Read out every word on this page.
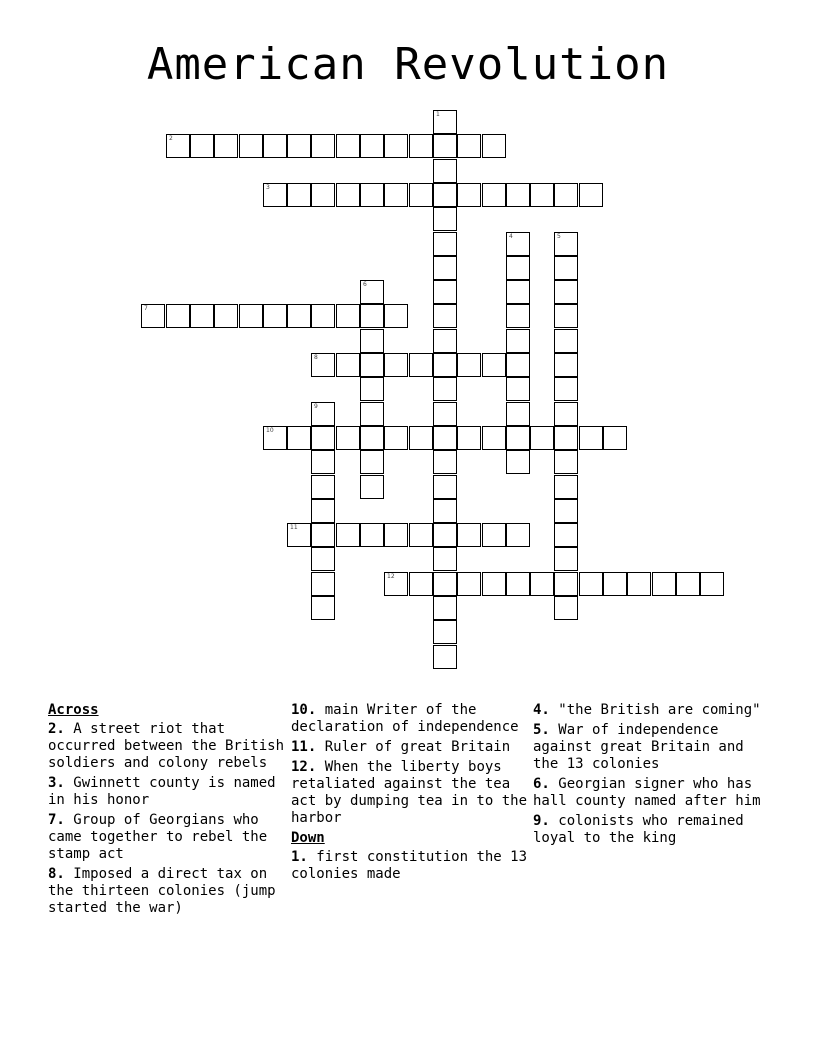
American Revolution
1
2
3
4	5
6
7
8
9
10
11
12
Across
2. A street riot that occurred between the British soldiers and colony rebels
3. Gwinnett county is named in his honor
7. Group of Georgians who came together to rebel the stamp act
8. Imposed a direct tax on the thirteen colonies (jump started the war)
10. main Writer of the declaration of independence
11. Ruler of great Britain
12. When the liberty boys retaliated against the tea act by dumping tea in to the harbor
Down
1. first constitution the 13 colonies made
4. "the British are coming"
5. War of independence against great Britain and the 13 colonies
6. Georgian signer who has hall county named after him
9. colonists who remained loyal to the king
